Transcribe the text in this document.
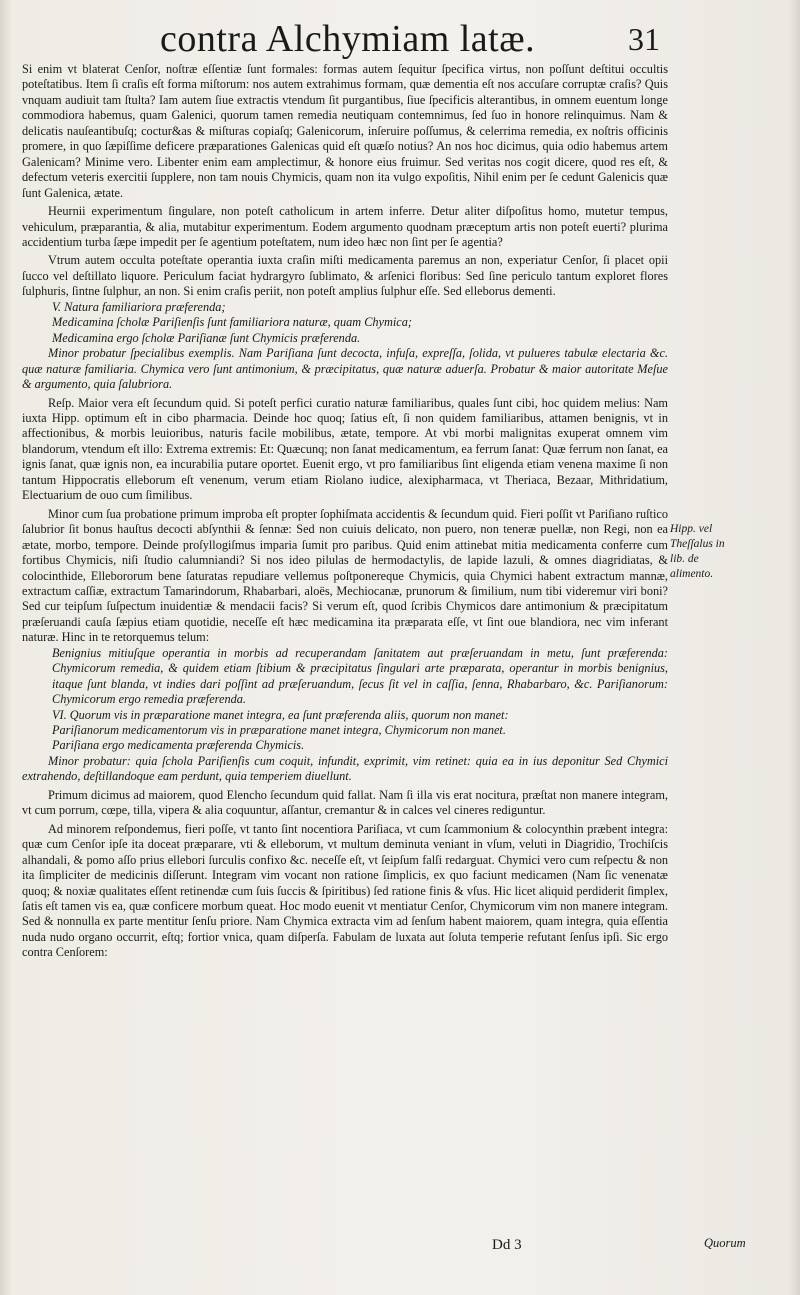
contra Alchymiam latæ.	31

Si enim vt blaterat Cenſor, noſtræ eſſentiæ ſunt formales: formas autem ſequitur ſpecifica virtus, non poſſunt deſtitui occultis poteſtatibus. Item ſi craſis eſt forma miſtorum: nos autem extrahimus formam, quæ dementia eſt nos accuſare corruptæ craſis? Quis vnquam audiuit tam ſtulta? Iam autem ſiue extractis vtendum ſit purgantibus, ſiue ſpecificis alterantibus, in omnem euentum longe commodiora habemus, quam Galenici, quorum tamen remedia neutiquam contemnimus, ſed ſuo in honore relinquimus. Nam & delicatis nauſeantibuſq; coctur&as & miſturas copiaſq; Galenicorum, inſeruire poſſumus, & celerrima remedia, ex noſtris officinis promere, in quo ſæpiſſime deficere præparationes Galenicas quid eſt quæſo notius? An nos hoc dicimus, quia odio habemus artem Galenicam? Minime vero. Libenter enim eam amplectimur, & honore eius fruimur. Sed veritas nos cogit dicere, quod res eſt, & defectum veteris exercitii ſupplere, non tam nouis Chymicis, quam non ita vulgo expoſitis, Nihil enim per ſe cedunt Galenicis quæ ſunt Galenica, ætate.

Heurnii experimentum ſingulare, non poteſt catholicum in artem inferre. Detur aliter diſpoſitus homo, mutetur tempus, vehiculum, præparantia, & alia, mutabitur experimentum. Eodem argumento quodnam præceptum artis non poteſt euerti? plurima accidentium turba ſæpe impedit per ſe agentium poteſtatem, num ideo hæc non ſint per ſe agentia?

Vtrum autem occulta poteſtate operantia iuxta craſin miſti medicamenta paremus an non, experiatur Cenſor, ſi placet opii ſucco vel deſtillato liquore. Periculum faciat hydrargyro ſublimato, & arſenici floribus: Sed ſine periculo tantum exploret flores ſulphuris, ſintne ſulphur, an non. Si enim craſis periit, non poteſt amplius ſulphur eſſe. Sed elleborus dementi.

V. Natura familiariora præferenda;

Medicamina ſcholæ Pariſienſis ſunt familiariora naturæ, quam Chymica;

Medicamina ergo ſcholæ Pariſianæ ſunt Chymicis præferenda.

Minor probatur ſpecialibus exemplis. Nam Pariſiana ſunt decocta, infuſa, expreſſa, ſolida, vt pulueres tabulæ electaria &c. quæ naturæ familiaria. Chymica vero ſunt antimonium, & præcipitatus, quæ naturæ aduerſa. Probatur & maior autoritate Meſue & argumento, quia ſalubriora.

Reſp. Maior vera eſt ſecundum quid. Si poteſt perfici curatio naturæ familiaribus, quales ſunt cibi, hoc quidem melius: Nam iuxta Hipp. optimum eſt in cibo pharmacia. Deinde hoc quoq; ſatius eſt, ſi non quidem familiaribus, attamen benignis, vt in affectionibus, & morbis leuioribus, naturis facile mobilibus, ætate, tempore. At vbi morbi malignitas exuperat omnem vim blandorum, vtendum eſt illo: Extrema extremis: Et: Quæcunq; non ſanat medicamentum, ea ferrum ſanat: Quæ ferrum non ſanat, ea ignis ſanat, quæ ignis non, ea incurabilia putare oportet. Euenit ergo, vt pro familiaribus ſint eligenda etiam venena maxime ſi non tantum Hippocratis elleborum eſt venenum, verum etiam Riolano iudice, alexipharmaca, vt Theriaca, Bezaar, Mithridatium, Electuarium de ouo cum ſimilibus.

Minor cum ſua probatione primum improba eſt propter ſophiſmata accidentis & ſecundum quid. Fieri poſſit vt Pariſiano ruſtico ſalubrior ſit bonus hauſtus decocti abſynthii & ſennæ: Sed non cuiuis delicato, non puero, non teneræ puellæ, non Regi, non ea ætate, morbo, tempore. Deinde proſyllogiſmus imparia ſumit pro paribus. Quid enim attinebat mitia medicamenta conferre cum fortibus Chymicis, niſi ſtudio calumniandi? Si nos ideo pilulas de hermodactylis, de lapide lazuli, & omnes diagridiatas, & colocinthide, Ellebororum bene ſaturatas repudiare vellemus poſtponereque Chymicis, quia Chymici habent extractum mannæ, extractum caſſiæ, extractum Tamarindorum, Rhabarbari, aloës, Mechiocanæ, prunorum & ſimilium, num tibi videremur viri boni? Sed cur teipſum ſuſpectum inuidentiæ & mendacii facis? Si verum eſt, quod ſcribis Chymicos dare antimonium & præcipitatum præſeruandi cauſa ſæpius etiam quotidie, neceſſe eſt hæc medicamina ita præparata eſſe, vt ſint oue blandiora, nec vim inferant naturæ. Hinc in te retorquemus telum:

Benignius mitiuſque operantia in morbis ad recuperandam ſanitatem aut præſeruandam in metu, ſunt præferenda: Chymicorum remedia, & quidem etiam ſtibium & præcipitatus ſingulari arte præparata, operantur in morbis benignius, itaque ſunt blanda, vt indies dari poſſint ad præſeruandum, ſecus ſit vel in caſſia, ſenna, Rhabarbaro, &c. Pariſianorum: Chymicorum ergo remedia præferenda.

VI. Quorum vis in præparatione manet integra, ea ſunt præferenda aliis, quorum non manet:

Pariſianorum medicamentorum vis in præparatione manet integra, Chymicorum non manet.

Pariſiana ergo medicamenta præferenda Chymicis.

Minor probatur: quia ſchola Pariſienſis cum coquit, infundit, exprimit, vim retinet: quia ea in ius deponitur Sed Chymici extrahendo, deſtillandoque eam perdunt, quia temperiem diuellunt.

Primum dicimus ad maiorem, quod Elencho ſecundum quid fallat. Nam ſi illa vis erat nocitura, præſtat non manere integram, vt cum porrum, cœpe, tilla, vipera & alia coquuntur, aſſantur, cremantur & in calces vel cineres rediguntur.

Ad minorem reſpondemus, fieri poſſe, vt tanto ſint nocentiora Pariſiaca, vt cum ſcammonium & colocynthin præbent integra: quæ cum Cenſor ipſe ita doceat præparare, vti & elleborum, vt multum deminuta veniant in vſum, veluti in Diagridio, Trochiſcis alhandali, & pomo aſſo prius ellebori ſurculis confixo &c. neceſſe eſt, vt ſeipſum falſi redarguat. Chymici vero cum reſpectu & non ita ſimpliciter de medicinis diſſerunt. Integram vim vocant non ratione ſimplicis, ex quo faciunt medicamen (Nam ſic venenatæ quoq; & noxiæ qualitates eſſent retinendæ cum ſuis ſuccis & ſpiritibus) ſed ratione finis & vſus. Hic licet aliquid perdiderit ſimplex, ſatis eſt tamen vis ea, quæ conficere morbum queat. Hoc modo euenit vt mentiatur Cenſor, Chymicorum vim non manere integram. Sed & nonnulla ex parte mentitur ſenſu priore. Nam Chymica extracta vim ad ſenſum habent maiorem, quam integra, quia eſſentia nuda nudo organo occurrit, eſtq; fortior vnica, quam diſperſa. Fabulam de luxata aut ſoluta temperie refutant ſenſus ipſi. Sic ergo contra Cenſorem:

Hipp. vel Theſſalus in lib. de alimento.
Dd 3	Quorum
